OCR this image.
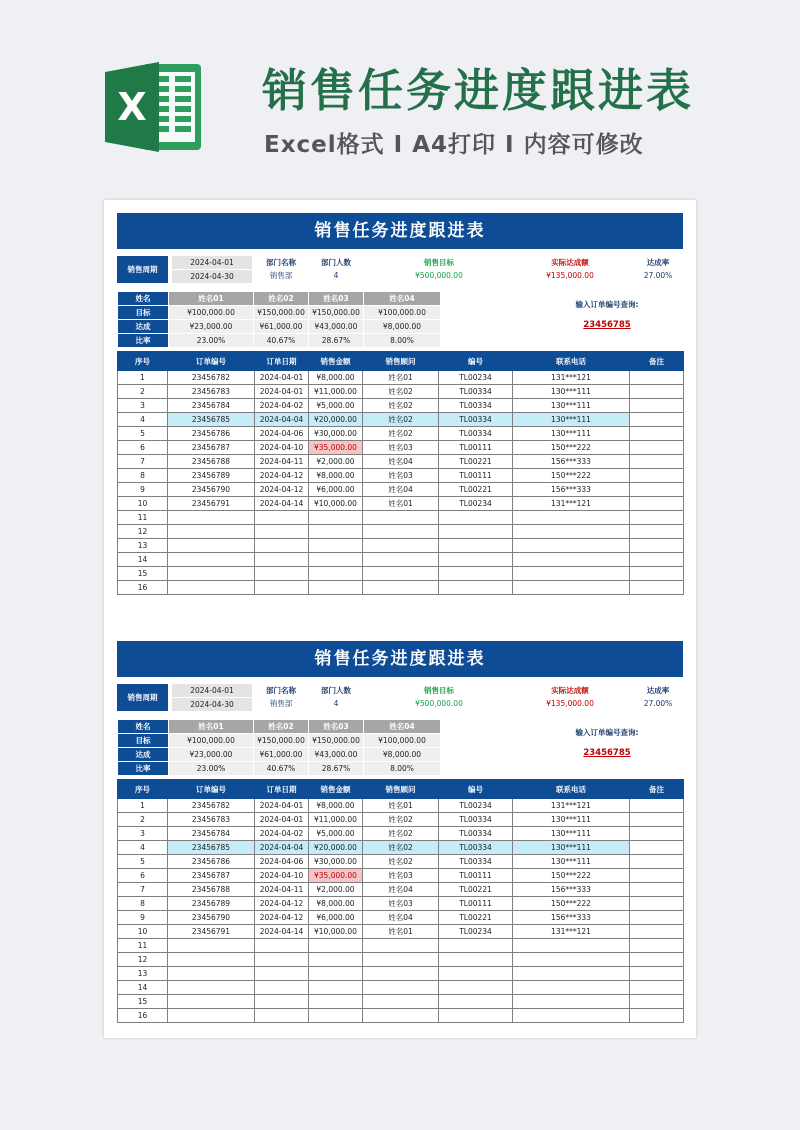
X	销售任务进度跟进表
Excel格式 I A4打印 I 内容可修改
销售任务进度跟进表
销售周期
2024-04-01
2024-04-30
部门名称
销售部
部门人数
4
销售目标
¥500,000.00
实际达成额
¥135,000.00
达成率
27.00%
姓名	姓名01	姓名02	姓名03	姓名04
目标	¥100,000.00	¥150,000.00	¥150,000.00	¥100,000.00
达成	¥23,000.00	¥61,000.00	¥43,000.00	¥8,000.00
比率	23.00%	40.67%	28.67%	8.00%
输入订单编号查询:
23456785
序号	订单编号	订单日期	销售金额	销售顾问	编号	联系电话	备注
1	23456782	2024-04-01	¥8,000.00	姓名01	TL00234	131***121	
2	23456783	2024-04-01	¥11,000.00	姓名02	TL00334	130***111	
3	23456784	2024-04-02	¥5,000.00	姓名02	TL00334	130***111	
4	23456785	2024-04-04	¥20,000.00	姓名02	TL00334	130***111	
5	23456786	2024-04-06	¥30,000.00	姓名02	TL00334	130***111	
6	23456787	2024-04-10	¥35,000.00	姓名03	TL00111	150***222	
7	23456788	2024-04-11	¥2,000.00	姓名04	TL00221	156***333	
8	23456789	2024-04-12	¥8,000.00	姓名03	TL00111	150***222	
9	23456790	2024-04-12	¥6,000.00	姓名04	TL00221	156***333	
10	23456791	2024-04-14	¥10,000.00	姓名01	TL00234	131***121	
11							
12							
13							
14							
15							
16							
销售任务进度跟进表
销售周期
2024-04-01
2024-04-30
部门名称
销售部
部门人数
4
销售目标
¥500,000.00
实际达成额
¥135,000.00
达成率
27.00%
姓名	姓名01	姓名02	姓名03	姓名04
目标	¥100,000.00	¥150,000.00	¥150,000.00	¥100,000.00
达成	¥23,000.00	¥61,000.00	¥43,000.00	¥8,000.00
比率	23.00%	40.67%	28.67%	8.00%
输入订单编号查询:
23456785
序号	订单编号	订单日期	销售金额	销售顾问	编号	联系电话	备注
1	23456782	2024-04-01	¥8,000.00	姓名01	TL00234	131***121	
2	23456783	2024-04-01	¥11,000.00	姓名02	TL00334	130***111	
3	23456784	2024-04-02	¥5,000.00	姓名02	TL00334	130***111	
4	23456785	2024-04-04	¥20,000.00	姓名02	TL00334	130***111	
5	23456786	2024-04-06	¥30,000.00	姓名02	TL00334	130***111	
6	23456787	2024-04-10	¥35,000.00	姓名03	TL00111	150***222	
7	23456788	2024-04-11	¥2,000.00	姓名04	TL00221	156***333	
8	23456789	2024-04-12	¥8,000.00	姓名03	TL00111	150***222	
9	23456790	2024-04-12	¥6,000.00	姓名04	TL00221	156***333	
10	23456791	2024-04-14	¥10,000.00	姓名01	TL00234	131***121	
11							
12							
13							
14							
15							
16							
